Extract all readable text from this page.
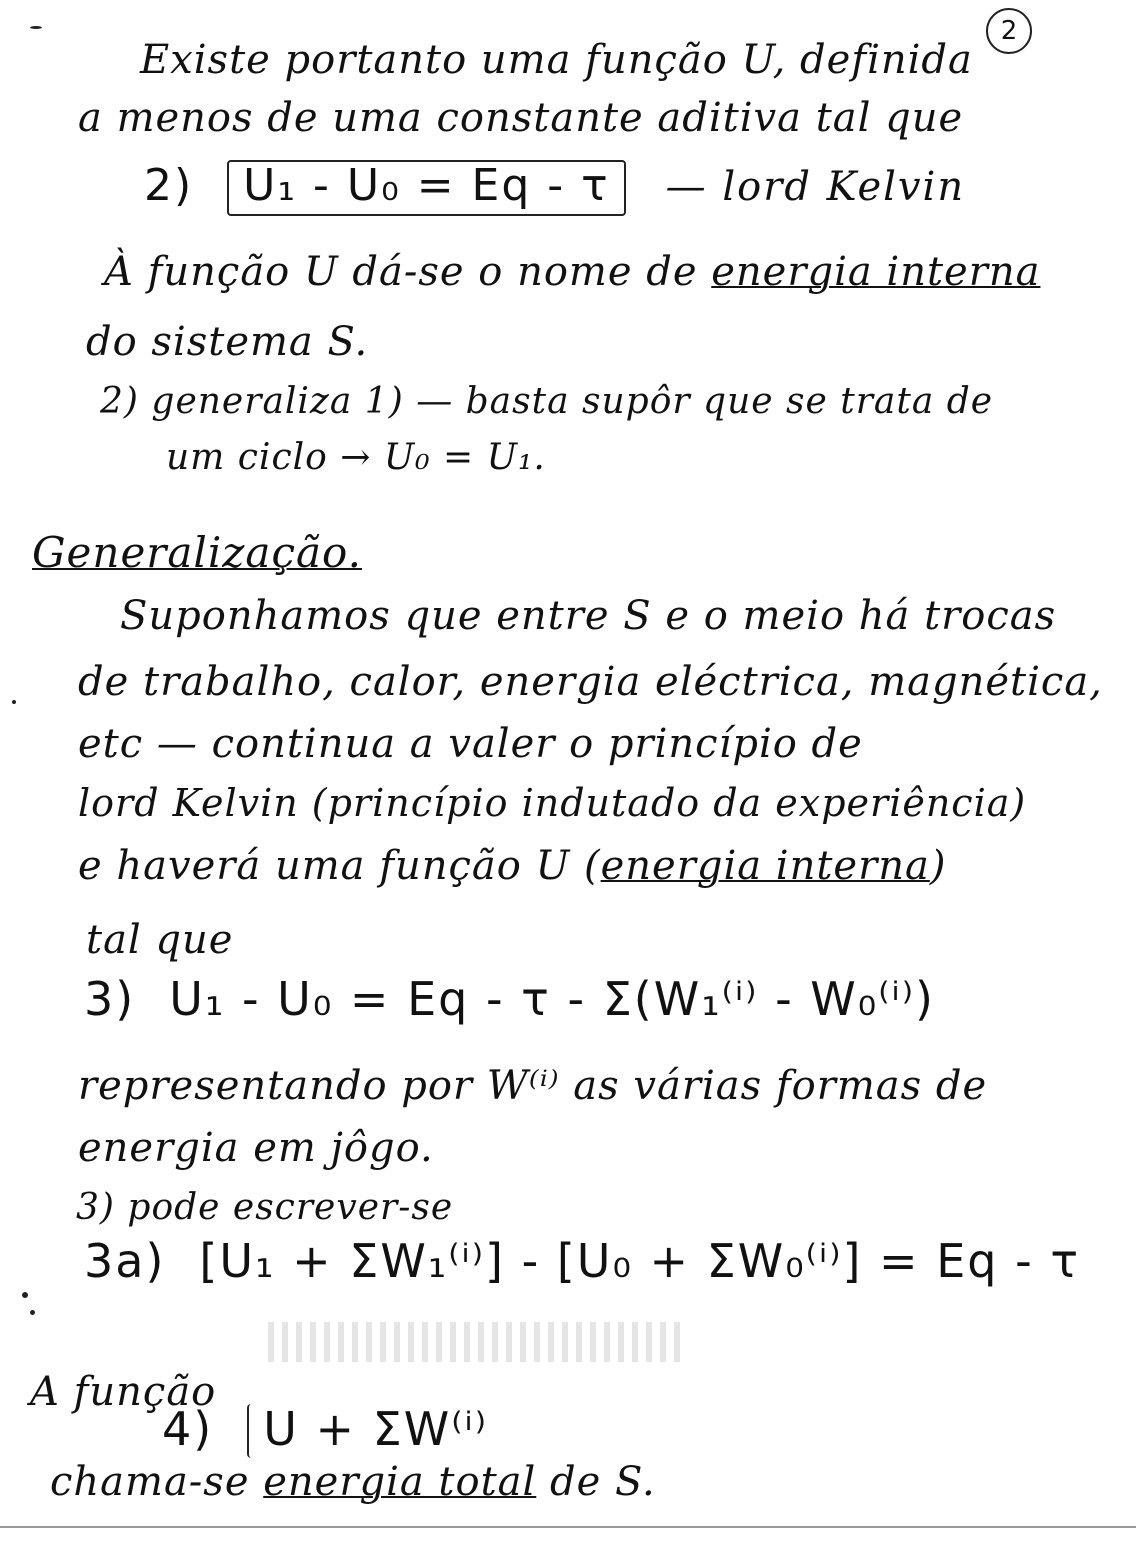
2
Existe portanto uma função U, definida
a menos de uma constante aditiva tal que
2) U₁ - U₀ = Eq - τ — lord Kelvin
À função U dá-se o nome de energia interna
do sistema S.
2) generaliza 1) — basta supôr que se trata de
um ciclo → U₀ = U₁.
Generalização.
Suponhamos que entre S e o meio há trocas
de trabalho, calor, energia eléctrica, magnética,
etc — continua a valer o princípio de
lord Kelvin (princípio indutado da experiência)
e haverá uma função U (energia interna)
tal que
3) U₁ - U₀ = Eq - τ - Σ(W₁⁽ⁱ⁾ - W₀⁽ⁱ⁾)
representando por W⁽ⁱ⁾ as várias formas de
energia em jôgo.
3) pode escrever-se
3a) [U₁ + ΣW₁⁽ⁱ⁾] - [U₀ + ΣW₀⁽ⁱ⁾] = Eq - τ
A função
4) U + ΣW⁽ⁱ⁾
chama-se energia total de S.
